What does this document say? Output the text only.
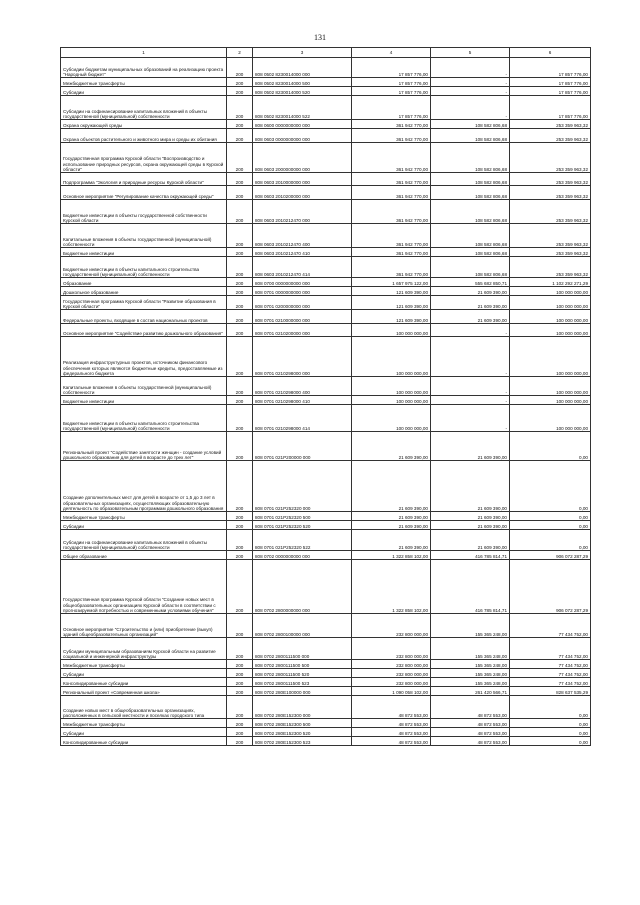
131
1	2	3	4	5	6
Субсидии бюджетам муниципальных образований на реализацию проекта "Народный бюджет"	200	808 0502 8230014000 000	17 857 776,00	-	17 857 776,00
Межбюджетные трансферты	200	808 0502 8230014000 500	17 857 776,00	-	17 857 776,00
Субсидии	200	808 0502 8230014000 520	17 857 776,00	-	17 857 776,00
Субсидии на софинансирование капитальных вложений в объекты государственной (муниципальной) собственности	200	808 0502 8230014000 522	17 857 776,00	-	17 857 776,00
Охрана окружающей среды	200	808 0600 0000000000 000	361 942 770,00	108 582 806,68	253 359 963,32
Охрана объектов растительного и животного мира и среды их обитания	200	808 0603 0000000000 000	361 942 770,00	108 582 806,68	253 359 963,32
Государственная программа Курской области "Воспроизводство и использование природных ресурсов, охрана окружающей среды в Курской области"	200	808 0603 2000000000 000	361 942 770,00	108 582 806,68	253 359 963,32
Подпрограмма "Экология и природные ресурсы Курской области"	200	808 0603 2010000000 000	361 942 770,00	108 582 806,68	253 359 963,32
Основное мероприятие "Регулирование качества окружающей среды"	200	808 0603 2010200000 000	361 942 770,00	108 582 806,68	253 359 963,32
Бюджетные инвестиции в объекты государственной собственности Курской области	200	808 0603 2010212470 000	361 942 770,00	108 582 806,68	253 359 963,32
Капитальные вложения в объекты государственной (муниципальной) собственности	200	808 0603 2010212470 400	361 942 770,00	108 582 806,68	253 359 963,32
Бюджетные инвестиции	200	808 0603 2010212470 410	361 942 770,00	108 582 806,68	253 359 963,32
Бюджетные инвестиции в объекты капитального строительства государственной (муниципальной) собственности	200	808 0603 2010212470 414	361 942 770,00	108 582 806,68	253 359 963,32
Образование	200	808 0700 0000000000 000	1 657 975 122,00	555 682 850,71	1 102 292 271,29
Дошкольное образование	200	808 0701 0000000000 000	121 609 390,00	21 609 390,00	100 000 000,00
Государственная программа Курской области "Развитие образования в Курской области"	200	808 0701 0200000000 000	121 609 390,00	21 609 390,00	100 000 000,00
Федеральные проекты, входящие в состав национальных проектов	200	808 0701 0210000000 000	121 609 390,00	21 609 390,00	100 000 000,00
Основное мероприятие "Содействие развитию дошкольного образования"	200	808 0701 0210200000 000	100 000 000,00	-	100 000 000,00
Реализация инфраструктурных проектов, источником финансового обеспечения которых являются бюджетные кредиты, предоставляемые из федерального бюджета	200	808 0701 0210298000 000	100 000 000,00	-	100 000 000,00
Капитальные вложения в объекты государственной (муниципальной) собственности	200	808 0701 0210298000 400	100 000 000,00	-	100 000 000,00
Бюджетные инвестиции	200	808 0701 0210298000 410	100 000 000,00	-	100 000 000,00
Бюджетные инвестиции в объекты капитального строительства государственной (муниципальной) собственности	200	808 0701 0210298000 414	100 000 000,00	-	100 000 000,00
Региональный проект "Содействие занятости женщин - создание условий дошкольного образования для детей в возрасте до трех лет"	200	808 0701 021P200000 000	21 609 390,00	21 609 390,00	0,00
Создание дополнительных мест для детей в возрасте от 1,5 до 3 лет в образовательных организациях, осуществляющих образовательную деятельность по образовательным программам дошкольного образования	200	808 0701 021P252320 000	21 609 390,00	21 609 390,00	0,00
Межбюджетные трансферты	200	808 0701 021P252320 500	21 609 390,00	21 609 390,00	0,00
Субсидии	200	808 0701 021P252320 520	21 609 390,00	21 609 390,00	0,00
Субсидии на софинансирование капитальных вложений в объекты государственной (муниципальной) собственности	200	808 0701 021P252320 522	21 609 390,00	21 609 390,00	0,00
Общее образование	200	808 0702 0000000000 000	1 322 858 102,00	416 785 814,71	906 072 287,29
Государственная программа Курской области "Создание новых мест в общеобразовательных организациях Курской области в соответствии с прогнозируемой потребностью и современными условиями обучения"	200	808 0702 2800000000 000	1 322 858 102,00	416 785 814,71	906 072 287,29
Основное мероприятие "Строительство и (или) приобретение (выкуп) зданий общеобразовательных организаций"	200	808 0702 2800100000 000	232 800 000,00	155 365 248,00	77 434 752,00
Субсидии муниципальным образованиям Курской области на развитие социальной и инженерной инфраструктуры	200	808 0702 2800111500 000	232 800 000,00	155 365 248,00	77 434 752,00
Межбюджетные трансферты	200	808 0702 2800111500 500	232 800 000,00	155 365 248,00	77 434 752,00
Субсидии	200	808 0702 2800111500 520	232 800 000,00	155 365 248,00	77 434 752,00
Консолидированные субсидии	200	808 0702 2800111500 523	232 800 000,00	155 365 248,00	77 434 752,00
Региональный проект «Современная школа»	200	808 0702 280E100000 000	1 090 058 102,00	261 420 566,71	828 637 535,29
Создание новых мест в общеобразовательных организациях, расположенных в сельской местности и поселках городского типа	200	808 0702 280E152300 000	48 872 553,00	48 872 553,00	0,00
Межбюджетные трансферты	200	808 0702 280E152300 500	48 872 553,00	48 872 553,00	0,00
Субсидии	200	808 0702 280E152300 520	48 872 553,00	48 872 553,00	0,00
Консолидированные субсидии	200	808 0702 280E152300 523	48 872 553,00	48 872 553,00	0,00
